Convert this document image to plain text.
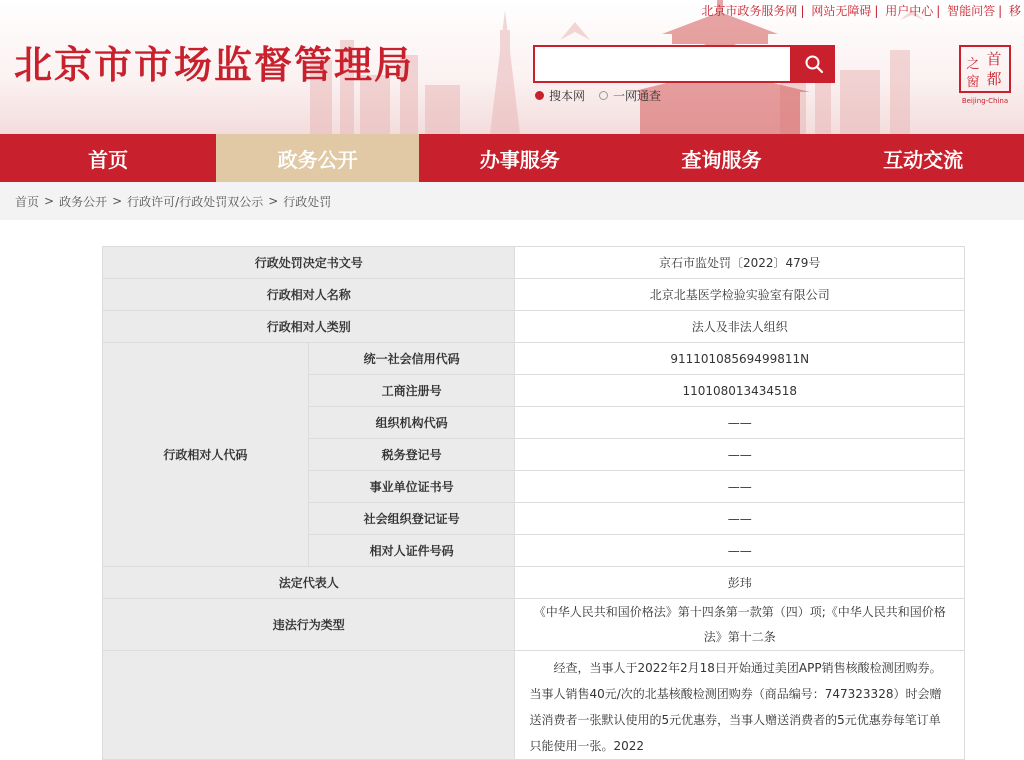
北京市市场监督管理局
北京市政务服务网 | 网站无障碍 | 用户中心 | 智能问答 | 移
搜本网 一网通查
首
都
之
窗
Beijing-China
首页	政务公开	办事服务	查询服务	互动交流
首页 > 政务公开 > 行政许可/行政处罚双公示 > 行政处罚
行政处罚决定书文号		京石市监处罚〔2022〕479号
行政相对人名称		北京北基医学检验实验室有限公司
行政相对人类别		法人及非法人组织
行政相对人代码	统一社会信用代码	91110108569499811N
	工商注册号	110108013434518
	组织机构代码	——
	税务登记号	——
	事业单位证书号	——
	社会组织登记证号	——
	相对人证件号码	——
法定代表人		彭玮
违法行为类型		《中华人民共和国价格法》第十四条第一款第（四）项;《中华人民共和国价格法》第十二条
		经查，当事人于2022年2月18日开始通过美团APP销售核酸检测团购券。当事人销售40元/次的北基核酸检测团购券（商品编号：747323328）时会赠送消费者一张默认使用的5元优惠券，当事人赠送消费者的5元优惠券每笔订单只能使用一张。2022
